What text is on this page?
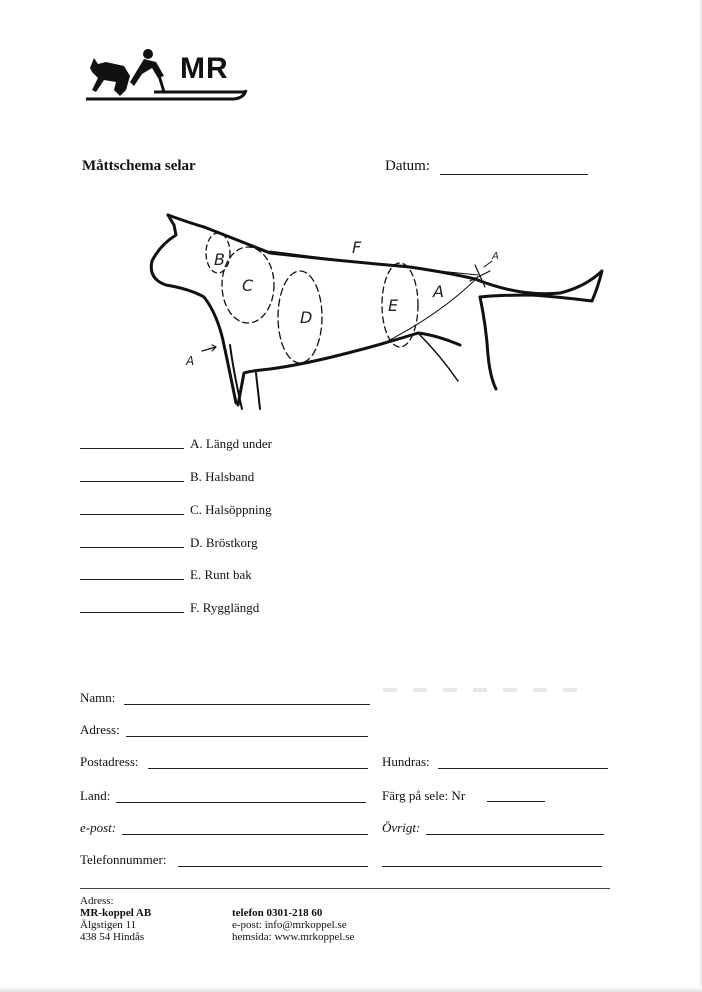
MR
Måttschema selar	Datum:
B
C
D
E
F
A
A
A
A. Längd under
B. Halsband
C. Halsöppning
D. Bröstkorg
E. Runt bak
F. Rygglängd
Namn:
Adress:
Postadress:	Hundras:
Land:	Färg på sele: Nr
e-post:	Övrigt:
Telefonnummer:
Adress:
MR-koppel AB
Älgstigen 11
438 54 Hindås
telefon 0301-218 60
e-post: info@mrkoppel.se
hemsida: www.mrkoppel.se
